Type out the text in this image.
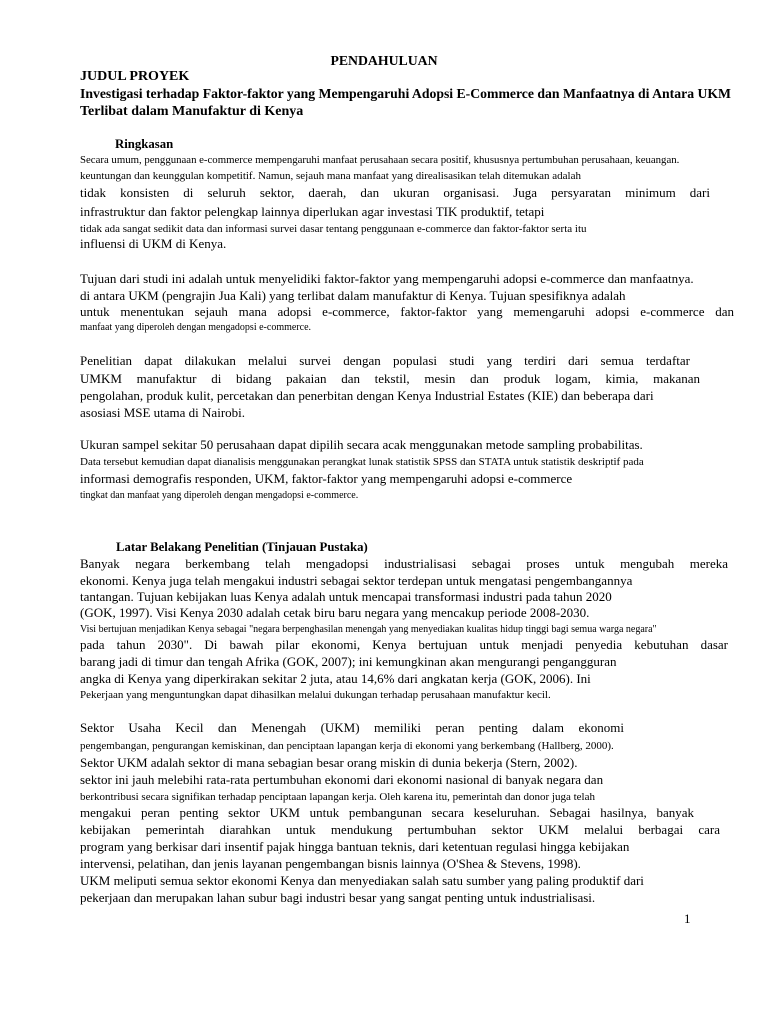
PENDAHULUAN
JUDUL PROYEK
Investigasi terhadap Faktor-faktor yang Mempengaruhi Adopsi E-Commerce dan Manfaatnya di Antara UKM
Terlibat dalam Manufaktur di Kenya
Ringkasan
Secara umum, penggunaan e-commerce mempengaruhi manfaat perusahaan secara positif, khususnya pertumbuhan perusahaan, keuangan.
keuntungan dan keunggulan kompetitif. Namun, sejauh mana manfaat yang direalisasikan telah ditemukan adalah
tidak konsisten di seluruh sektor, daerah, dan ukuran organisasi. Juga persyaratan minimum dari
infrastruktur dan faktor pelengkap lainnya diperlukan agar investasi TIK produktif, tetapi
tidak ada sangat sedikit data dan informasi survei dasar tentang penggunaan e-commerce dan faktor-faktor serta itu
influensi di UKM di Kenya.
Tujuan dari studi ini adalah untuk menyelidiki faktor-faktor yang mempengaruhi adopsi e-commerce dan manfaatnya.
di antara UKM (pengrajin Jua Kali) yang terlibat dalam manufaktur di Kenya. Tujuan spesifiknya adalah
untuk menentukan sejauh mana adopsi e-commerce, faktor-faktor yang memengaruhi adopsi e-commerce dan
manfaat yang diperoleh dengan mengadopsi e-commerce.
Penelitian dapat dilakukan melalui survei dengan populasi studi yang terdiri dari semua terdaftar
UMKM manufaktur di bidang pakaian dan tekstil, mesin dan produk logam, kimia, makanan
pengolahan, produk kulit, percetakan dan penerbitan dengan Kenya Industrial Estates (KIE) dan beberapa dari
asosiasi MSE utama di Nairobi.
Ukuran sampel sekitar 50 perusahaan dapat dipilih secara acak menggunakan metode sampling probabilitas.
Data tersebut kemudian dapat dianalisis menggunakan perangkat lunak statistik SPSS dan STATA untuk statistik deskriptif pada
informasi demografis responden, UKM, faktor-faktor yang mempengaruhi adopsi e-commerce
tingkat dan manfaat yang diperoleh dengan mengadopsi e-commerce.
Latar Belakang Penelitian (Tinjauan Pustaka)
Banyak negara berkembang telah mengadopsi industrialisasi sebagai proses untuk mengubah mereka
ekonomi. Kenya juga telah mengakui industri sebagai sektor terdepan untuk mengatasi pengembangannya
tantangan. Tujuan kebijakan luas Kenya adalah untuk mencapai transformasi industri pada tahun 2020
(GOK, 1997). Visi Kenya 2030 adalah cetak biru baru negara yang mencakup periode 2008-2030.
Visi bertujuan menjadikan Kenya sebagai "negara berpenghasilan menengah yang menyediakan kualitas hidup tinggi bagi semua warga negara"
pada tahun 2030". Di bawah pilar ekonomi, Kenya bertujuan untuk menjadi penyedia kebutuhan dasar
barang jadi di timur dan tengah Afrika (GOK, 2007); ini kemungkinan akan mengurangi pengangguran
angka di Kenya yang diperkirakan sekitar 2 juta, atau 14,6% dari angkatan kerja (GOK, 2006). Ini
Pekerjaan yang menguntungkan dapat dihasilkan melalui dukungan terhadap perusahaan manufaktur kecil.
Sektor Usaha Kecil dan Menengah (UKM) memiliki peran penting dalam ekonomi
pengembangan, pengurangan kemiskinan, dan penciptaan lapangan kerja di ekonomi yang berkembang (Hallberg, 2000).
Sektor UKM adalah sektor di mana sebagian besar orang miskin di dunia bekerja (Stern, 2002).
sektor ini jauh melebihi rata-rata pertumbuhan ekonomi dari ekonomi nasional di banyak negara dan
berkontribusi secara signifikan terhadap penciptaan lapangan kerja. Oleh karena itu, pemerintah dan donor juga telah
mengakui peran penting sektor UKM untuk pembangunan secara keseluruhan. Sebagai hasilnya, banyak
kebijakan pemerintah diarahkan untuk mendukung pertumbuhan sektor UKM melalui berbagai cara
program yang berkisar dari insentif pajak hingga bantuan teknis, dari ketentuan regulasi hingga kebijakan
intervensi, pelatihan, dan jenis layanan pengembangan bisnis lainnya (O'Shea & Stevens, 1998).
UKM meliputi semua sektor ekonomi Kenya dan menyediakan salah satu sumber yang paling produktif dari
pekerjaan dan merupakan lahan subur bagi industri besar yang sangat penting untuk industrialisasi.
1
